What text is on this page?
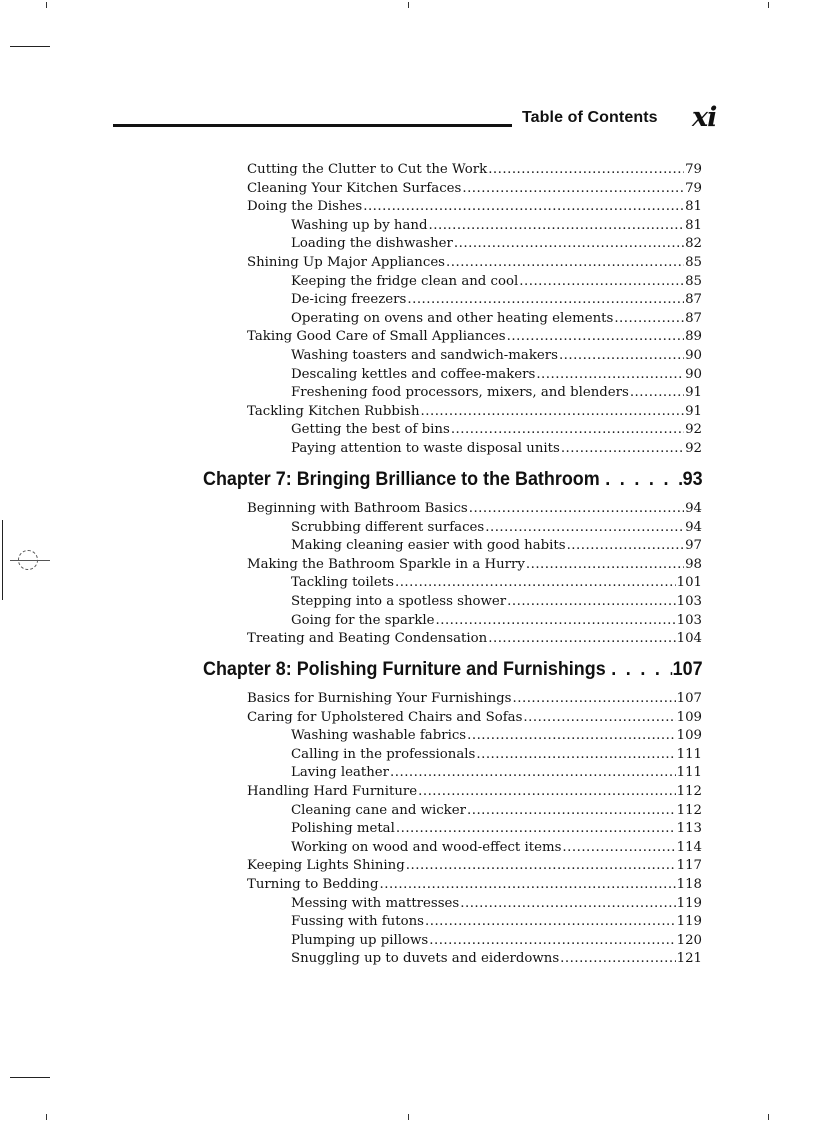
Table of Contents xi
Cutting the Clutter to Cut the Work .....	79
Cleaning Your Kitchen Surfaces .....	79
Doing the Dishes .....	81
Washing up by hand .....	81
Loading the dishwasher .....	82
Shining Up Major Appliances .....	85
Keeping the fridge clean and cool .....	85
De-icing freezers .....	87
Operating on ovens and other heating elements .....	87
Taking Good Care of Small Appliances .....	89
Washing toasters and sandwich-makers .....	90
Descaling kettles and coffee-makers .....	90
Freshening food processors, mixers, and blenders .....	91
Tackling Kitchen Rubbish .....	91
Getting the best of bins .....	92
Paying attention to waste disposal units .....	92
Chapter 7: Bringing Brilliance to the Bathroom . . .	93
Beginning with Bathroom Basics .....	94
Scrubbing different surfaces .....	94
Making cleaning easier with good habits .....	97
Making the Bathroom Sparkle in a Hurry .....	98
Tackling toilets .....	101
Stepping into a spotless shower .....	103
Going for the sparkle .....	103
Treating and Beating Condensation .....	104
Chapter 8: Polishing Furniture and Furnishings . . .	107
Basics for Burnishing Your Furnishings .....	107
Caring for Upholstered Chairs and Sofas .....	109
Washing washable fabrics .....	109
Calling in the professionals .....	111
Laving leather .....	111
Handling Hard Furniture .....	112
Cleaning cane and wicker .....	112
Polishing metal .....	113
Working on wood and wood-effect items .....	114
Keeping Lights Shining .....	117
Turning to Bedding .....	118
Messing with mattresses .....	119
Fussing with futons .....	119
Plumping up pillows .....	120
Snuggling up to duvets and eiderdowns .....	121
